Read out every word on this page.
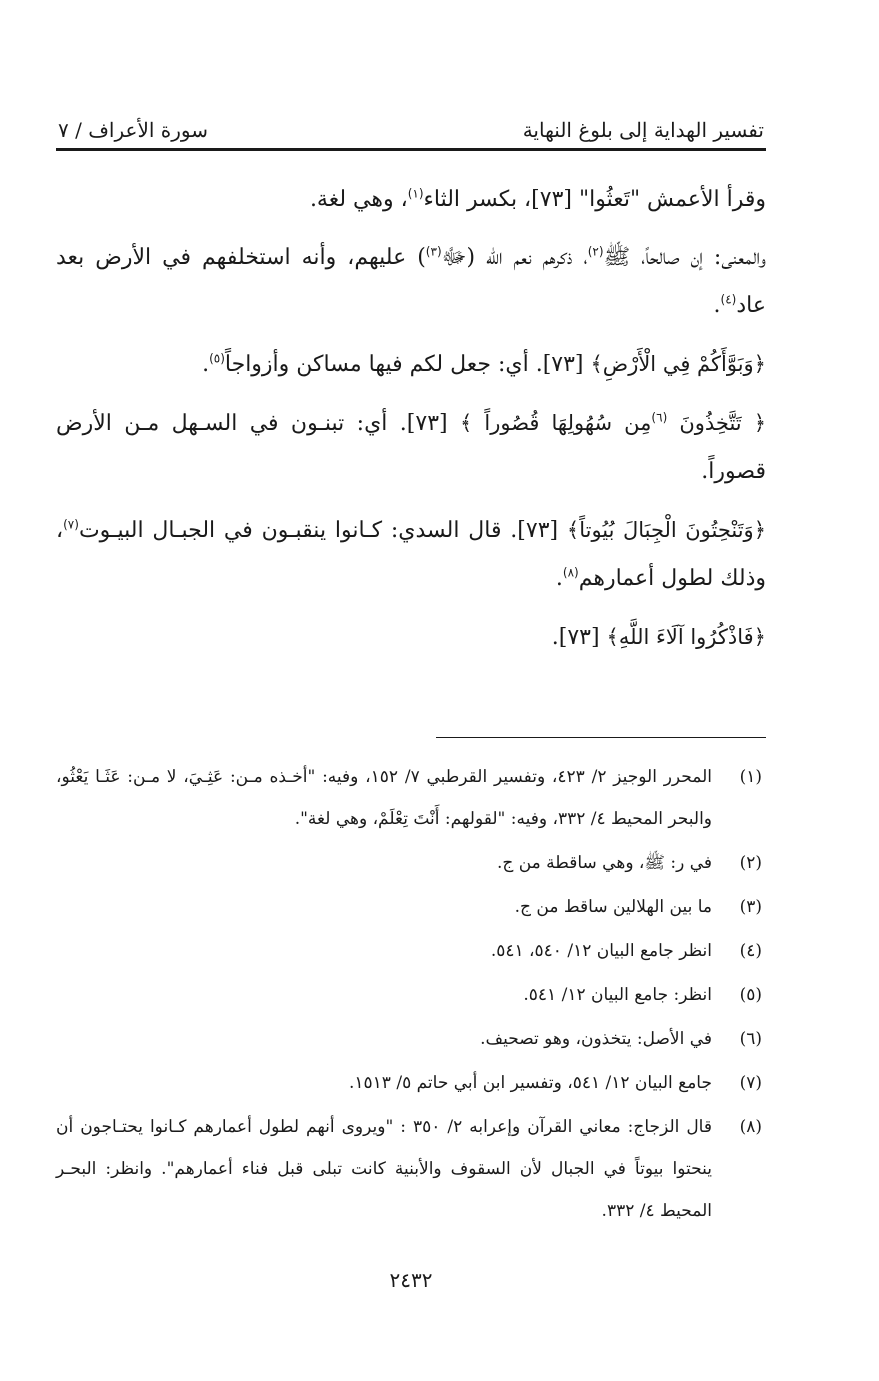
تفسير الهداية إلى بلوغ النهاية
سورة الأعراف / ٧

وقرأ الأعمش "تَعثُوا" [٧٣]، بكسر الثاء$^{(١)}$، وهي لغة.

والمعنى: إن صالحاً، ﷺ$^{(٢)}$، ذكرهم نعم الله (ﷻ$^{(٣)}$) عليهم، وأنه استخلفهم في الأرض بعد عاد$^{(٤)}$.

﴿وَبَوَّأَكُمْ فِي الْأَرْضِ﴾ [٧٣]. أي: جعل لكم فيها مساكن وأزواجاً$^{(٥)}$.

﴿ تَتَّخِذُونَ $^{(٦)}$مِن سُهُولِهَا قُصُوراً ﴾ [٧٣]. أي: تبنـون في السـهل مـن الأرض قصوراً.

﴿وَتَنْحِتُونَ الْجِبَالَ بُيُوتاً﴾ [٧٣]. قال السدي: كـانوا ينقبـون في الجبـال البيـوت$^{(٧)}$، وذلك لطول أعمارهم$^{(٨)}$.

﴿فَاذْكُرُوا آلَاءَ اللَّهِ﴾ [٧٣].

(١)
المحرر الوجيز ٢/ ٤٢٣، وتفسير القرطبي ٧/ ١٥٢، وفيه: "أخـذه مـن: عَثِـيَ، لا مـن: عَثَـا يَعْثُو، والبحر المحيط ٤/ ٣٣٢، وفيه: "لقولهم: أَنْتَ تِعْلَمْ، وهي لغة".
(٢)
في ر: ﷺ، وهي ساقطة من ج.
(٣)
ما بين الهلالين ساقط من ج.
(٤)
انظر جامع البيان ١٢/ ٥٤٠، ٥٤١.
(٥)
انظر: جامع البيان ١٢/ ٥٤١.
(٦)
في الأصل: يتخذون، وهو تصحيف.
(٧)
جامع البيان ١٢/ ٥٤١، وتفسير ابن أبي حاتم ٥/ ١٥١٣.
(٨)
قال الزجاج: معاني القرآن وإعرابه ٢/ ٣٥٠ : "ويروى أنهم لطول أعمارهم كـانوا يحتـاجون أن ينحتوا بيوتاً في الجبال لأن السقوف والأبنية كانت تبلى قبل فناء أعمارهم". وانظر: البحـر المحيط ٤/ ٣٣٢.
٢٤٣٢
